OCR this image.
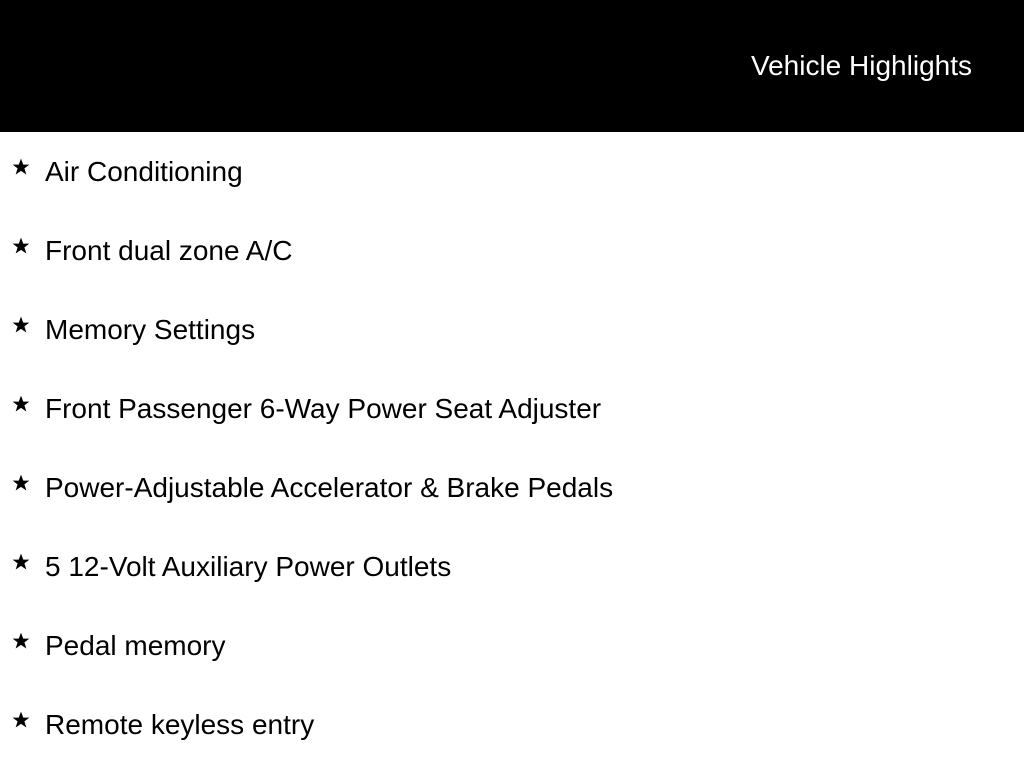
Vehicle Highlights
Air Conditioning
Front dual zone A/C
Memory Settings
Front Passenger 6-Way Power Seat Adjuster
Power-Adjustable Accelerator & Brake Pedals
5 12-Volt Auxiliary Power Outlets
Pedal memory
Remote keyless entry
